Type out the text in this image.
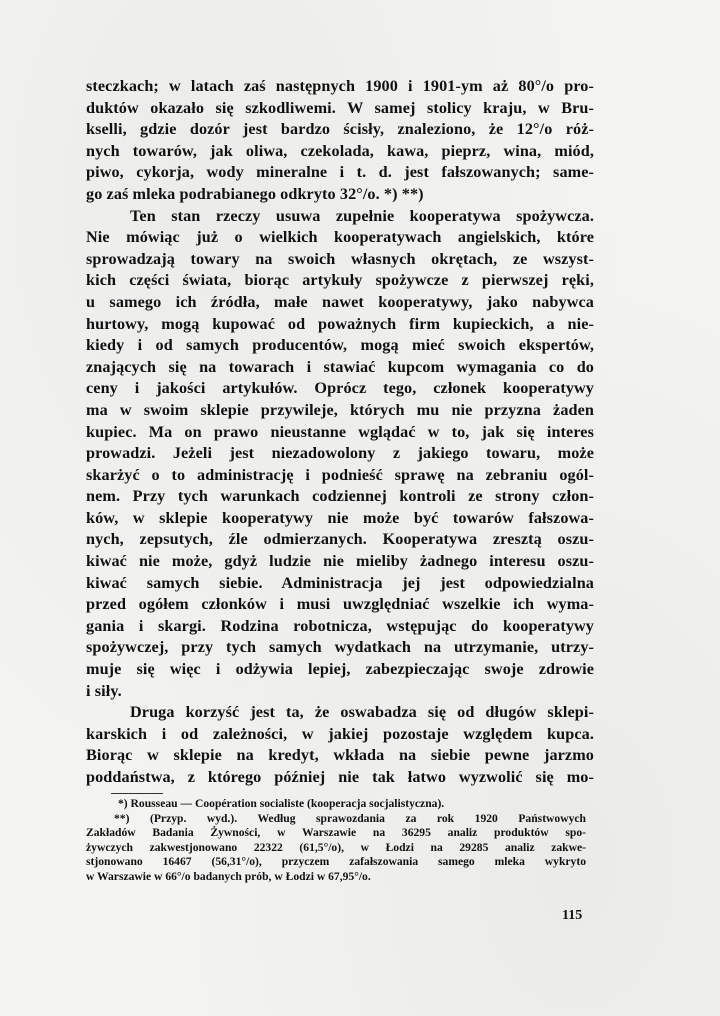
steczkach; w latach zaś następnych 1900 i 1901-ym aż 80°/o pro-
duktów okazało się szkodliwemi. W samej stolicy kraju, w Bru-
kselli, gdzie dozór jest bardzo ścisły, znaleziono, że 12°/o róż-
nych towarów, jak oliwa, czekolada, kawa, pieprz, wina, miód,
piwo, cykorja, wody mineralne i t. d. jest fałszowanych; same-
go zaś mleka podrabianego odkryto 32°/o. *) **)

Ten stan rzeczy usuwa zupełnie kooperatywa spożywcza.
Nie mówiąc już o wielkich kooperatywach angielskich, które
sprowadzają towary na swoich własnych okrętach, ze wszyst-
kich części świata, biorąc artykuły spożywcze z pierwszej ręki,
u samego ich źródła, małe nawet kooperatywy, jako nabywca
hurtowy, mogą kupować od poważnych firm kupieckich, a nie-
kiedy i od samych producentów, mogą mieć swoich ekspertów,
znających się na towarach i stawiać kupcom wymagania co do
ceny i jakości artykułów. Oprócz tego, członek kooperatywy
ma w swoim sklepie przywileje, których mu nie przyzna żaden
kupiec. Ma on prawo nieustanne wglądać w to, jak się interes
prowadzi. Jeżeli jest niezadowolony z jakiego towaru, może
skarżyć o to administrację i podnieść sprawę na zebraniu ogól-
nem. Przy tych warunkach codziennej kontroli ze strony człon-
ków, w sklepie kooperatywy nie może być towarów fałszowa-
nych, zepsutych, źle odmierzanych. Kooperatywa zresztą oszu-
kiwać nie może, gdyż ludzie nie mieliby żadnego interesu oszu-
kiwać samych siebie. Administracja jej jest odpowiedzialna
przed ogółem członków i musi uwzględniać wszelkie ich wyma-
gania i skargi. Rodzina robotnicza, wstępując do kooperatywy
spożywczej, przy tych samych wydatkach na utrzymanie, utrzy-
muje się więc i odżywia lepiej, zabezpieczając swoje zdrowie
i siły.

Druga korzyść jest ta, że oswabadza się od długów sklepi-
karskich i od zależności, w jakiej pozostaje względem kupca.
Biorąc w sklepie na kredyt, wkłada na siebie pewne jarzmo
poddaństwa, z którego później nie tak łatwo wyzwolić się mo-

*) Rousseau — Coopération socialiste (kooperacja socjalistyczna).

**) (Przyp. wyd.). Według sprawozdania za rok 1920 Państwowych
Zakładów Badania Żywności, w Warszawie na 36295 analiz produktów spo-
żywczych zakwestjonowano 22322 (61,5°/o), w Łodzi na 29285 analiz zakwe-
stjonowano 16467 (56,31°/o), przyczem zafałszowania samego mleka wykryto
w Warszawie w 66°/o badanych prób, w Łodzi w 67,95°/o.

115
